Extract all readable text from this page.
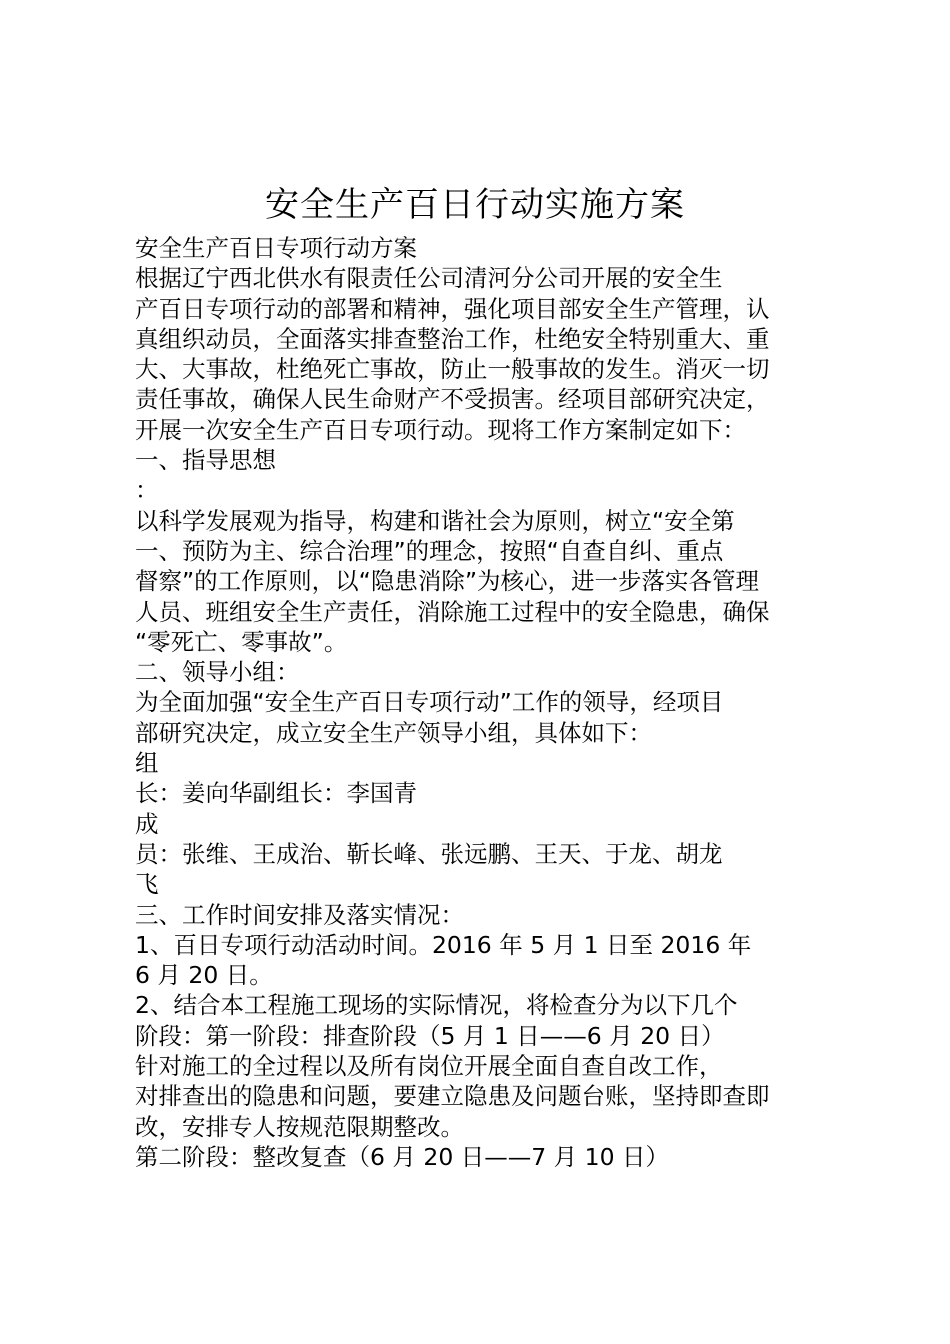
安全生产百日行动实施方案
安全生产百日专项行动方案
根据辽宁西北供水有限责任公司清河分公司开展的安全生
产百日专项行动的部署和精神，强化项目部安全生产管理，认
真组织动员，全面落实排查整治工作，杜绝安全特别重大、重
大、大事故，杜绝死亡事故，防止一般事故的发生。消灭一切
责任事故，确保人民生命财产不受损害。经项目部研究决定，
开展一次安全生产百日专项行动。现将工作方案制定如下：
一、指导思想
：
以科学发展观为指导，构建和谐社会为原则，树立“安全第
一、预防为主、综合治理”的理念，按照“自查自纠、重点
督察”的工作原则，以“隐患消除”为核心，进一步落实各管理
人员、班组安全生产责任，消除施工过程中的安全隐患，确保
“零死亡、零事故”。
二、领导小组：
为全面加强“安全生产百日专项行动”工作的领导，经项目
部研究决定，成立安全生产领导小组，具体如下：
组
长：姜向华副组长：李国青
成
员：张维、王成治、靳长峰、张远鹏、王天、于龙、胡龙
飞
三、工作时间安排及落实情况：
1、百日专项行动活动时间。2016 年 5 月 1 日至 2016 年
6 月 20 日。
2、结合本工程施工现场的实际情况，将检查分为以下几个
阶段：第一阶段：排查阶段（5 月 1 日——6 月 20 日）
针对施工的全过程以及所有岗位开展全面自查自改工作，
对排查出的隐患和问题，要建立隐患及问题台账，坚持即查即
改，安排专人按规范限期整改。
第二阶段：整改复查（6 月 20 日——7 月 10 日）
